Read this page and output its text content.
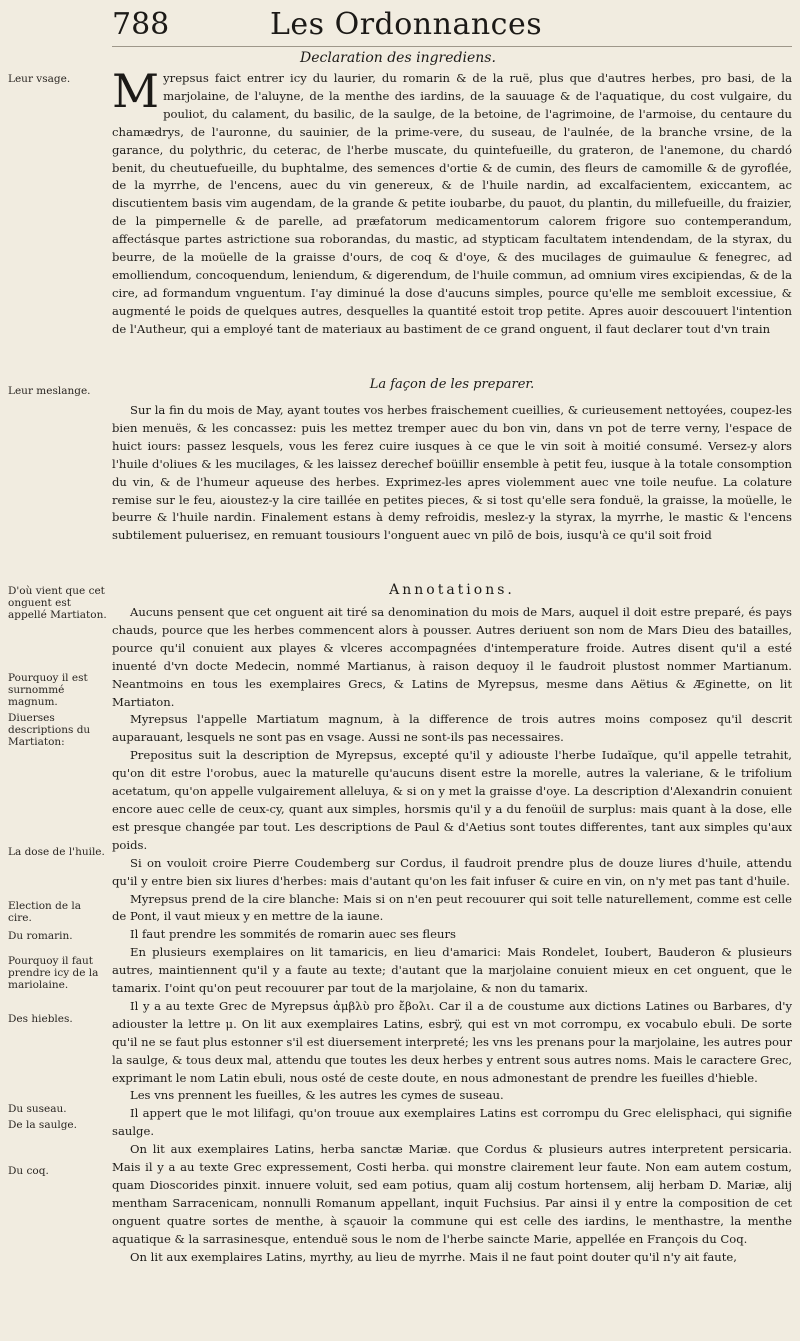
788	Les Ordonnances
Declaration des ingrediens.
Leur vsage.
Leur meslange.
D'où vient que cet onguent est appellé Martiaton.
Pourquoy il est surnommé magnum.
Diuerses descriptions du Martiaton:
La dose de l'huile.
Election de la cire.
Du romarin.
Pourquoy il faut prendre icy de la mariolaine.
Des hiebles.
Du suseau.
De la saulge.
Du coq.

Myrepsus faict entrer icy du laurier, du romarin & de la ruë, plus que d'autres herbes, pro basi, de la marjolaine, de l'aluyne, de la menthe des iardins, de la sauuage & de l'aquatique, du cost vulgaire, du pouliot, du calament, du basilic, de la saulge, de la betoine, de l'agrimoine, de l'armoise, du centaure du chamædrys, de l'auronne, du sauinier, de la prime-vere, du suseau, de l'aulnée, de la branche vrsine, de la garance, du polythric, du ceterac, de l'herbe muscate, du quintefueille, du grateron, de l'anemone, du chardó benit, du cheutuefueille, du buphtalme, des semences d'ortie & de cumin, des fleurs de camomille & de gyroflée, de la myrrhe, de l'encens, auec du vin genereux, & de l'huile nardin, ad excalfacientem, exiccantem, ac discutientem basis vim augendam, de la grande & petite ioubarbe, du pauot, du plantin, du millefueille, du fraizier, de la pimpernelle & de parelle, ad præfatorum medicamentorum calorem frigore suo contemperandum, affectásque partes astrictione sua roborandas, du mastic, ad stypticam facultatem intendendam, de la styrax, du beurre, de la moüelle de la graisse d'ours, de coq & d'oye, & des mucilages de guimaulue & fenegrec, ad emolliendum, concoquendum, leniendum, & digerendum, de l'huile commun, ad omnium vires excipiendas, & de la cire, ad formandum vnguentum. I'ay diminué la dose d'aucuns simples, pource qu'elle me sembloit excessiue, & augmenté le poids de quelques autres, desquelles la quantité estoit trop petite. Apres auoir descouuert l'intention de l'Autheur, qui a employé tant de materiaux au bastiment de ce grand onguent, il faut declarer tout d'vn train

La façon de les preparer.

Sur la fin du mois de May, ayant toutes vos herbes fraischement cueillies, & curieusement nettoyées, coupez-les bien menuës, & les concassez: puis les mettez tremper auec du bon vin, dans vn pot de terre verny, l'espace de huict iours: passez lesquels, vous les ferez cuire iusques à ce que le vin soit à moitié consumé. Versez-y alors l'huile d'oliues & les mucilages, & les laissez derechef boüillir ensemble à petit feu, iusque à la totale consomption du vin, & de l'humeur aqueuse des herbes. Exprimez-les apres violemment auec vne toile neufue. La colature remise sur le feu, aioustez-y la cire taillée en petites pieces, & si tost qu'elle sera fonduë, la graisse, la moüelle, le beurre & l'huile nardin. Finalement estans à demy refroidis, meslez-y la styrax, la myrrhe, le mastic & l'encens subtilement puluerisez, en remuant tousiours l'onguent auec vn pilō de bois, iusqu'à ce qu'il soit froid

Annotations.

Aucuns pensent que cet onguent ait tiré sa denomination du mois de Mars, auquel il doit estre preparé, és pays chauds, pource que les herbes commencent alors à pousser. Autres deriuent son nom de Mars Dieu des batailles, pource qu'il conuient aux playes & vlceres accompagnées d'intemperature froide. Autres disent qu'il a esté inuenté d'vn docte Medecin, nommé Martianus, à raison dequoy il le faudroit plustost nommer Martianum. Neantmoins en tous les exemplaires Grecs, & Latins de Myrepsus, mesme dans Aëtius & Æginette, on lit Martiaton.

Myrepsus l'appelle Martiatum magnum, à la difference de trois autres moins composez qu'il descrit auparauant, lesquels ne sont pas en vsage. Aussi ne sont-ils pas necessaires.

Prepositus suit la description de Myrepsus, excepté qu'il y adiouste l'herbe Iudaïque, qu'il appelle tetrahit, qu'on dit estre l'orobus, auec la maturelle qu'aucuns disent estre la morelle, autres la valeriane, & le trifolium acetatum, qu'on appelle vulgairement alleluya, & si on y met la graisse d'oye. La description d'Alexandrin conuient encore auec celle de ceux-cy, quant aux simples, horsmis qu'il y a du fenoüil de surplus: mais quant à la dose, elle est presque changée par tout. Les descriptions de Paul & d'Aetius sont toutes differentes, tant aux simples qu'aux poids.

Si on vouloit croire Pierre Coudemberg sur Cordus, il faudroit prendre plus de douze liures d'huile, attendu qu'il y entre bien six liures d'herbes: mais d'autant qu'on les fait infuser & cuire en vin, on n'y met pas tant d'huile.

Myrepsus prend de la cire blanche: Mais si on n'en peut recouurer qui soit telle naturellement, comme est celle de Pont, il vaut mieux y en mettre de la iaune.

Il faut prendre les sommités de romarin auec ses fleurs

En plusieurs exemplaires on lit tamaricis, en lieu d'amarici: Mais Rondelet, Ioubert, Bauderon & plusieurs autres, maintiennent qu'il y a faute au texte; d'autant que la marjolaine conuient mieux en cet onguent, que le tamarix. I'oint qu'on peut recouurer par tout de la marjolaine, & non du tamarix.

Il y a au texte Grec de Myrepsus ἀμβλὺ pro ἔβολι. Car il a de coustume aux dictions Latines ou Barbares, d'y adiouster la lettre μ. On lit aux exemplaires Latins, esbrÿ, qui est vn mot corrompu, ex vocabulo ebuli. De sorte qu'il ne se faut plus estonner s'il est diuersement interpreté; les vns les prenans pour la marjolaine, les autres pour la saulge, & tous deux mal, attendu que toutes les deux herbes y entrent sous autres noms. Mais le caractere Grec, exprimant le nom Latin ebuli, nous osté de ceste doute, en nous admonestant de prendre les fueilles d'hieble.

Les vns prennent les fueilles, & les autres les cymes de suseau.

Il appert que le mot lilifagi, qu'on trouue aux exemplaires Latins est corrompu du Grec elelisphaci, qui signifie saulge.

On lit aux exemplaires Latins, herba sanctæ Mariæ. que Cordus & plusieurs autres interpretent persicaria. Mais il y a au texte Grec expressement, Costi herba. qui monstre clairement leur faute. Non eam autem costum, quam Dioscorides pinxit. innuere voluit, sed eam potius, quam alij costum hortensem, alij herbam D. Mariæ, alij mentham Sarracenicam, nonnulli Romanum appellant, inquit Fuchsius. Par ainsi il y entre la composition de cet onguent quatre sortes de menthe, à sçauoir la commune qui est celle des iardins, le menthastre, la menthe aquatique & la sarrasinesque, entenduë sous le nom de l'herbe saincte Marie, appellée en François du Coq.

On lit aux exemplaires Latins, myrthy, au lieu de myrrhe. Mais il ne faut point douter qu'il n'y ait faute,
